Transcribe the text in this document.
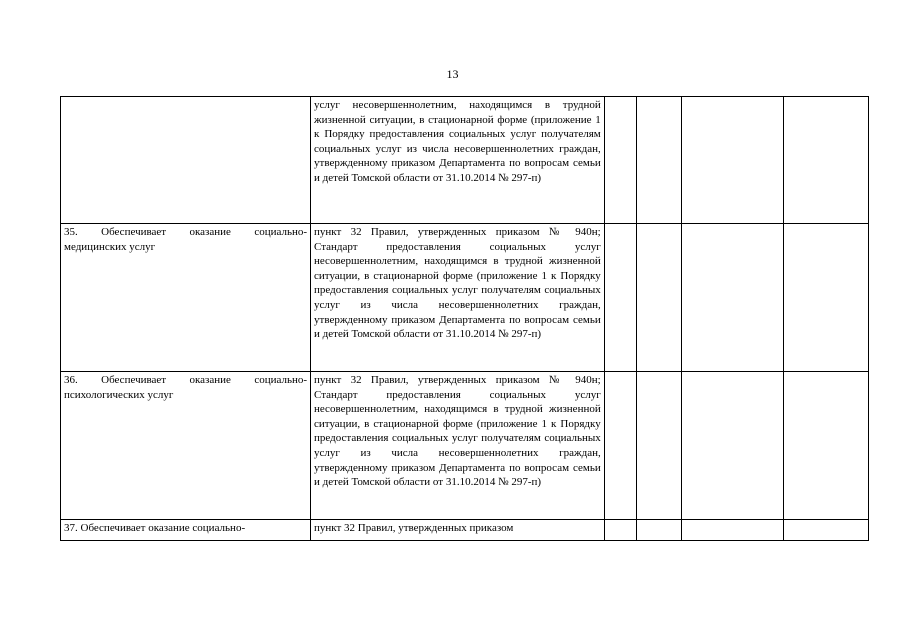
13

	услуг несовершеннолетним, находящимся в трудной жизненной ситуации, в стационарной форме (приложение 1 к Порядку предоставления социальных услуг получателям социальных услуг из числа несовершеннолетних граждан, утвержденному приказом Департамента по вопросам семьи и детей Томской области от 31.10.2014 № 297-п)				

35. Обеспечивает оказание социально-медицинских услуг	пункт 32 Правил, утвержденных приказом № 940н; Стандарт предоставления социальных услуг несовершеннолетним, находящимся в трудной жизненной ситуации, в стационарной форме (приложение 1 к Порядку предоставления социальных услуг получателям социальных услуг из числа несовершеннолетних граждан, утвержденному приказом Департамента по вопросам семьи и детей Томской области от 31.10.2014 № 297-п)				

36. Обеспечивает оказание социально-психологических услуг	пункт 32 Правил, утвержденных приказом № 940н; Стандарт предоставления социальных услуг несовершеннолетним, находящимся в трудной жизненной ситуации, в стационарной форме (приложение 1 к Порядку предоставления социальных услуг получателям социальных услуг из числа несовершеннолетних граждан, утвержденному приказом Департамента по вопросам семьи и детей Томской области от 31.10.2014 № 297-п)				

37. Обеспечивает оказание социально-	пункт 32 Правил, утвержденных приказом				
